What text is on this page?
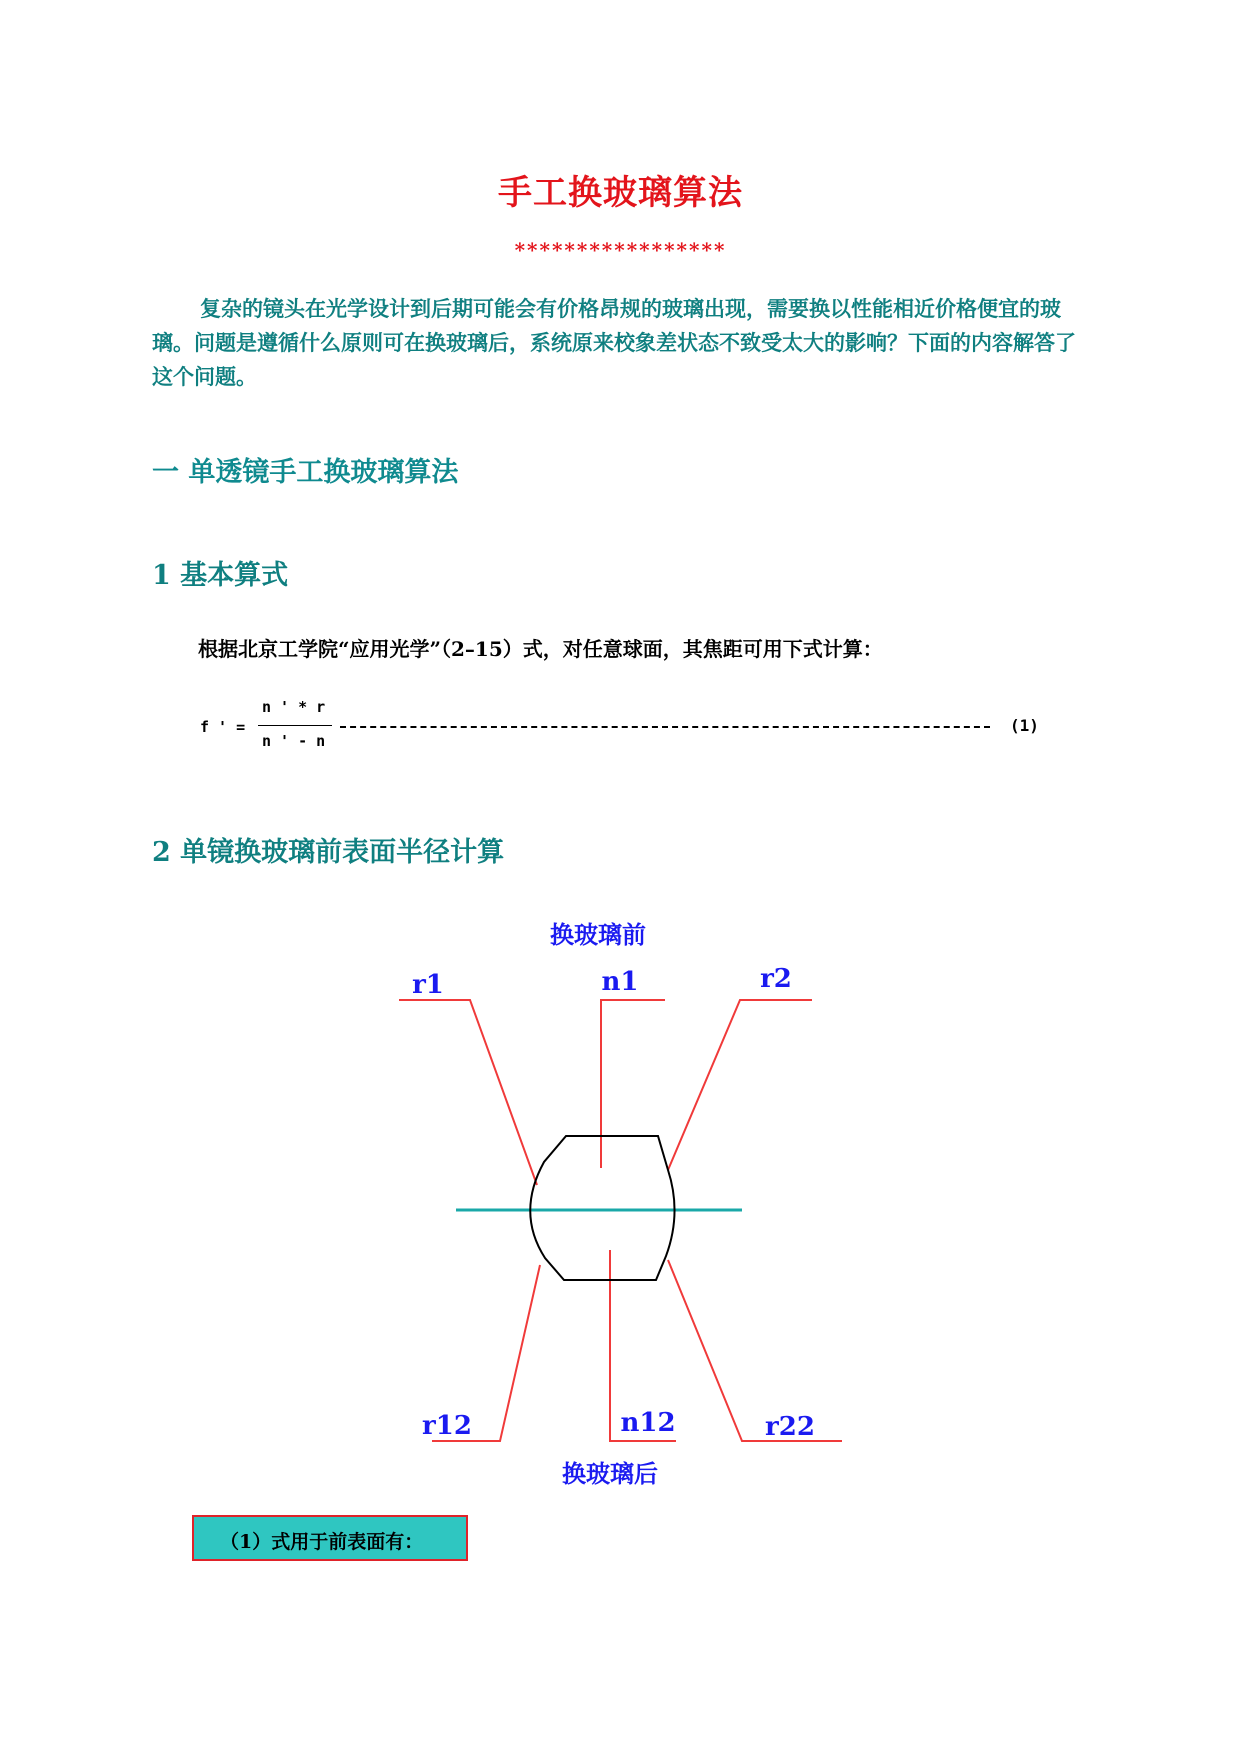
手工换玻璃算法
*****************
复杂的镜头在光学设计到后期可能会有价格昂规的玻璃出现，需要换以性能相近价格便宜的玻璃。问题是遵循什么原则可在换玻璃后，系统原来校象差状态不致受太大的影响？下面的内容解答了这个问题。
一 单透镜手工换玻璃算法
1 基本算式
根据北京工学院“应用光学”（2–15）式，对任意球面，其焦距可用下式计算：
f ' =
n ' * r
n ' - n
(1)
2 单镜换玻璃前表面半径计算
换玻璃前
r1	n1	r2
r12	n12	r22
换玻璃后
（1）式用于前表面有：
